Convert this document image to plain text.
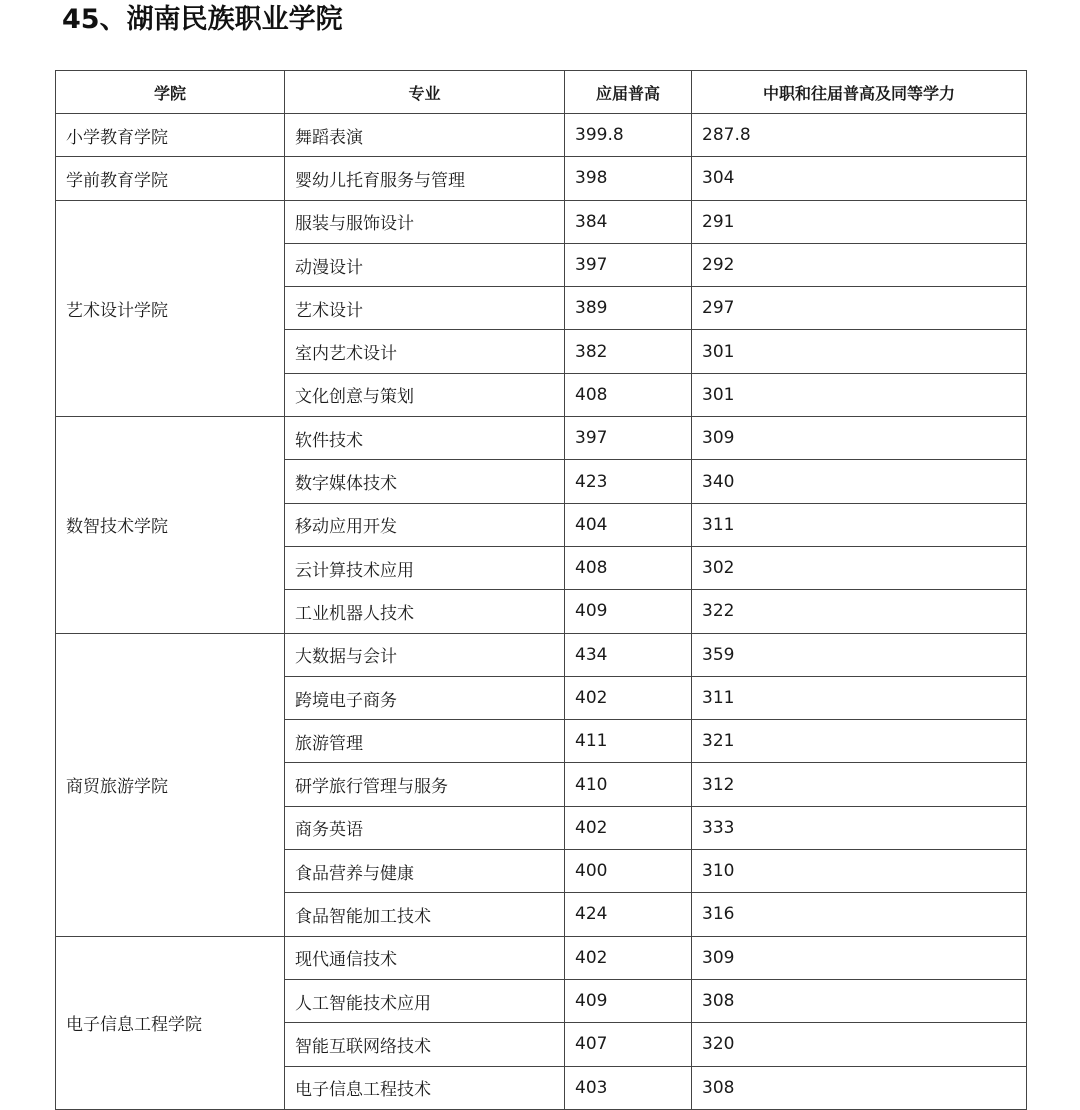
45、湖南民族职业学院
学院	专业	应届普高	中职和往届普高及同等学力
小学教育学院	舞蹈表演	399.8	287.8
学前教育学院	婴幼儿托育服务与管理	398	304
艺术设计学院	服装与服饰设计	384	291
	动漫设计	397	292
	艺术设计	389	297
	室内艺术设计	382	301
	文化创意与策划	408	301
数智技术学院	软件技术	397	309
	数字媒体技术	423	340
	移动应用开发	404	311
	云计算技术应用	408	302
	工业机器人技术	409	322
商贸旅游学院	大数据与会计	434	359
	跨境电子商务	402	311
	旅游管理	411	321
	研学旅行管理与服务	410	312
	商务英语	402	333
	食品营养与健康	400	310
	食品智能加工技术	424	316
电子信息工程学院	现代通信技术	402	309
	人工智能技术应用	409	308
	智能互联网络技术	407	320
	电子信息工程技术	403	308
